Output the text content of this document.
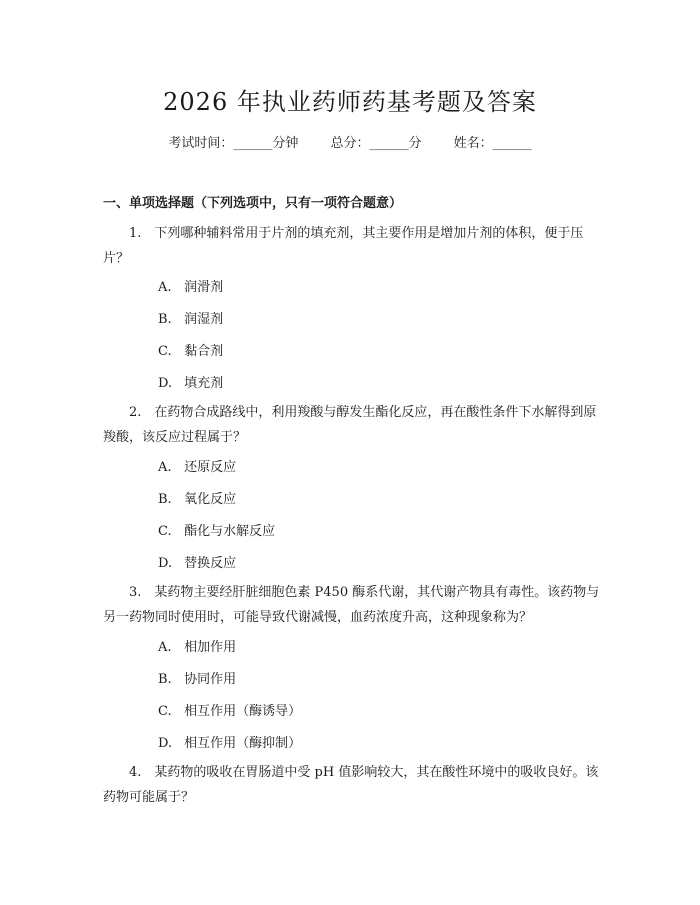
2026 年执业药师药基考题及答案
考试时间：______分钟 总分：______分 姓名：______
一、单项选择题（下列选项中，只有一项符合题意）
1.　下列哪种辅料常用于片剂的填充剂，其主要作用是增加片剂的体积，便于压片？
A. 润滑剂
B. 润湿剂
C. 黏合剂
D. 填充剂
2.　在药物合成路线中，利用羧酸与醇发生酯化反应，再在酸性条件下水解得到原羧酸，该反应过程属于？
A. 还原反应
B. 氧化反应
C. 酯化与水解反应
D. 替换反应
3.　某药物主要经肝脏细胞色素 P450 酶系代谢，其代谢产物具有毒性。该药物与另一药物同时使用时，可能导致代谢减慢，血药浓度升高，这种现象称为？
A. 相加作用
B. 协同作用
C. 相互作用（酶诱导）
D. 相互作用（酶抑制）
4.　某药物的吸收在胃肠道中受 pH 值影响较大，其在酸性环境中的吸收良好。该药物可能属于？
